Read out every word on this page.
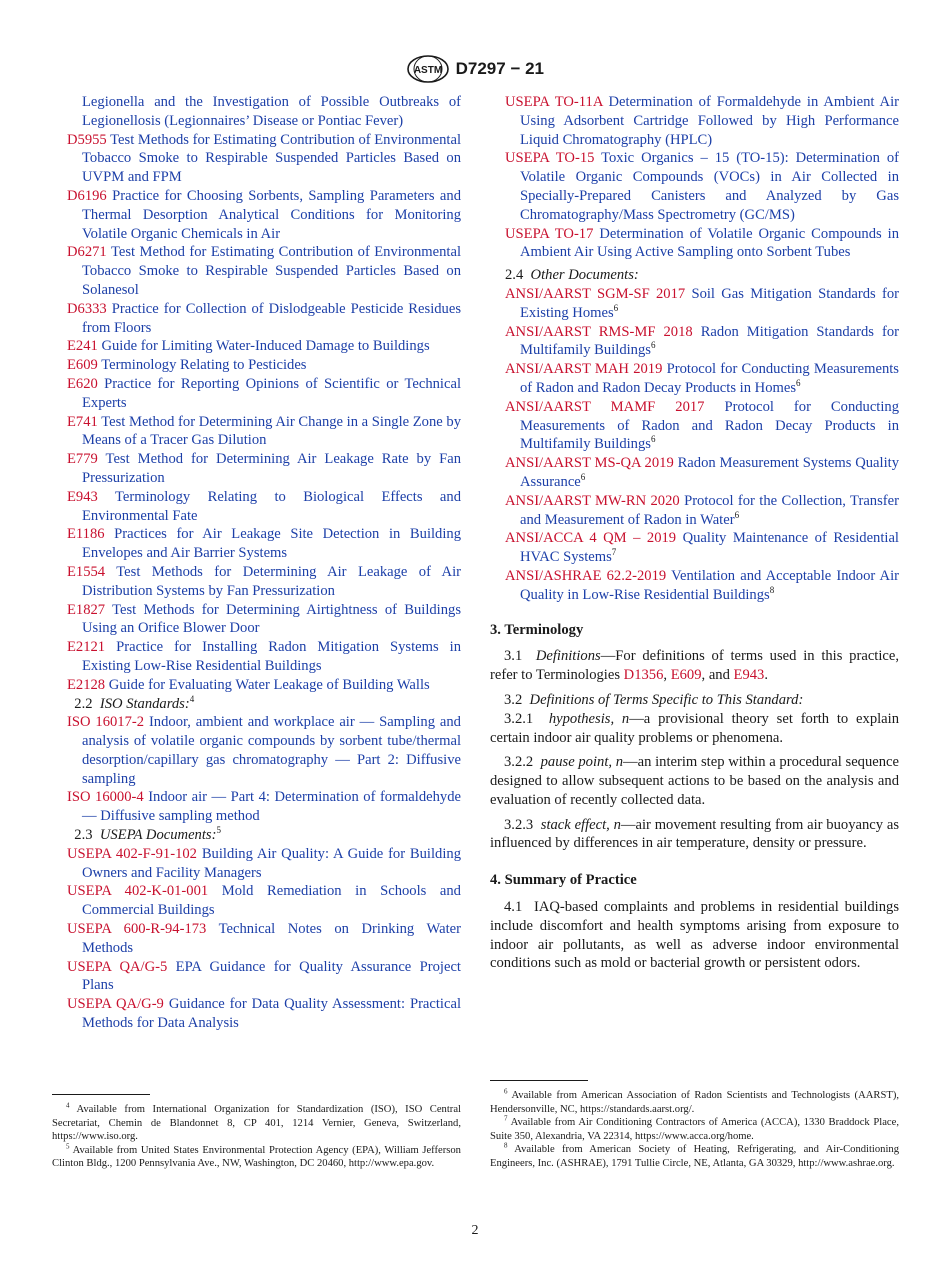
ASTM D7297 − 21

Legionella and the Investigation of Possible Outbreaks of Legionellosis (Legionnaires’ Disease or Pontiac Fever)

D5955 Test Methods for Estimating Contribution of Environmental Tobacco Smoke to Respirable Suspended Particles Based on UVPM and FPM

D6196 Practice for Choosing Sorbents, Sampling Parameters and Thermal Desorption Analytical Conditions for Monitoring Volatile Organic Chemicals in Air

D6271 Test Method for Estimating Contribution of Environmental Tobacco Smoke to Respirable Suspended Particles Based on Solanesol

D6333 Practice for Collection of Dislodgeable Pesticide Residues from Floors

E241 Guide for Limiting Water-Induced Damage to Buildings

E609 Terminology Relating to Pesticides

E620 Practice for Reporting Opinions of Scientific or Technical Experts

E741 Test Method for Determining Air Change in a Single Zone by Means of a Tracer Gas Dilution

E779 Test Method for Determining Air Leakage Rate by Fan Pressurization

E943 Terminology Relating to Biological Effects and Environmental Fate

E1186 Practices for Air Leakage Site Detection in Building Envelopes and Air Barrier Systems

E1554 Test Methods for Determining Air Leakage of Air Distribution Systems by Fan Pressurization

E1827 Test Methods for Determining Airtightness of Buildings Using an Orifice Blower Door

E2121 Practice for Installing Radon Mitigation Systems in Existing Low-Rise Residential Buildings

E2128 Guide for Evaluating Water Leakage of Building Walls

2.2 ISO Standards:$^4$

ISO 16017-2 Indoor, ambient and workplace air — Sampling and analysis of volatile organic compounds by sorbent tube/thermal desorption/capillary gas chromatography — Part 2: Diffusive sampling

ISO 16000-4 Indoor air — Part 4: Determination of formaldehyde — Diffusive sampling method

2.3 USEPA Documents:$^5$

USEPA 402-F-91-102 Building Air Quality: A Guide for Building Owners and Facility Managers

USEPA 402-K-01-001 Mold Remediation in Schools and Commercial Buildings

USEPA 600-R-94-173 Technical Notes on Drinking Water Methods

USEPA QA/G-5 EPA Guidance for Quality Assurance Project Plans

USEPA QA/G-9 Guidance for Data Quality Assessment: Practical Methods for Data Analysis

USEPA TO-11A Determination of Formaldehyde in Ambient Air Using Adsorbent Cartridge Followed by High Performance Liquid Chromatography (HPLC)

USEPA TO-15 Toxic Organics – 15 (TO-15): Determination of Volatile Organic Compounds (VOCs) in Air Collected in Specially-Prepared Canisters and Analyzed by Gas Chromatography/Mass Spectrometry (GC/MS)

USEPA TO-17 Determination of Volatile Organic Compounds in Ambient Air Using Active Sampling onto Sorbent Tubes

2.4 Other Documents:

ANSI/AARST SGM-SF 2017 Soil Gas Mitigation Standards for Existing Homes$^6$

ANSI/AARST RMS-MF 2018 Radon Mitigation Standards for Multifamily Buildings$^6$

ANSI/AARST MAH 2019 Protocol for Conducting Measurements of Radon and Radon Decay Products in Homes$^6$

ANSI/AARST MAMF 2017 Protocol for Conducting Measurements of Radon and Radon Decay Products in Multifamily Buildings$^6$

ANSI/AARST MS-QA 2019 Radon Measurement Systems Quality Assurance$^6$

ANSI/AARST MW-RN 2020 Protocol for the Collection, Transfer and Measurement of Radon in Water$^6$

ANSI/ACCA 4 QM – 2019 Quality Maintenance of Residential HVAC Systems$^7$

ANSI/ASHRAE 62.2-2019 Ventilation and Acceptable Indoor Air Quality in Low-Rise Residential Buildings$^8$

3. Terminology

3.1 Definitions—For definitions of terms used in this practice, refer to Terminologies D1356, E609, and E943.

3.2 Definitions of Terms Specific to This Standard:

3.2.1 hypothesis, n—a provisional theory set forth to explain certain indoor air quality problems or phenomena.

3.2.2 pause point, n—an interim step within a procedural sequence designed to allow subsequent actions to be based on the analysis and evaluation of recently collected data.

3.2.3 stack effect, n—air movement resulting from air buoyancy as influenced by differences in air temperature, density or pressure.

4. Summary of Practice

4.1 IAQ-based complaints and problems in residential buildings include discomfort and health symptoms arising from exposure to indoor air pollutants, as well as adverse indoor environmental conditions such as mold or bacterial growth or persistent odors.

$^4$ Available from International Organization for Standardization (ISO), ISO Central Secretariat, Chemin de Blandonnet 8, CP 401, 1214 Vernier, Geneva, Switzerland, https://www.iso.org.

$^5$ Available from United States Environmental Protection Agency (EPA), William Jefferson Clinton Bldg., 1200 Pennsylvania Ave., NW, Washington, DC 20460, http://www.epa.gov.

$^6$ Available from American Association of Radon Scientists and Technologists (AARST), Hendersonville, NC, https://standards.aarst.org/.

$^7$ Available from Air Conditioning Contractors of America (ACCA), 1330 Braddock Place, Suite 350, Alexandria, VA 22314, https://www.acca.org/home.

$^8$ Available from American Society of Heating, Refrigerating, and Air-Conditioning Engineers, Inc. (ASHRAE), 1791 Tullie Circle, NE, Atlanta, GA 30329, http://www.ashrae.org.

2
